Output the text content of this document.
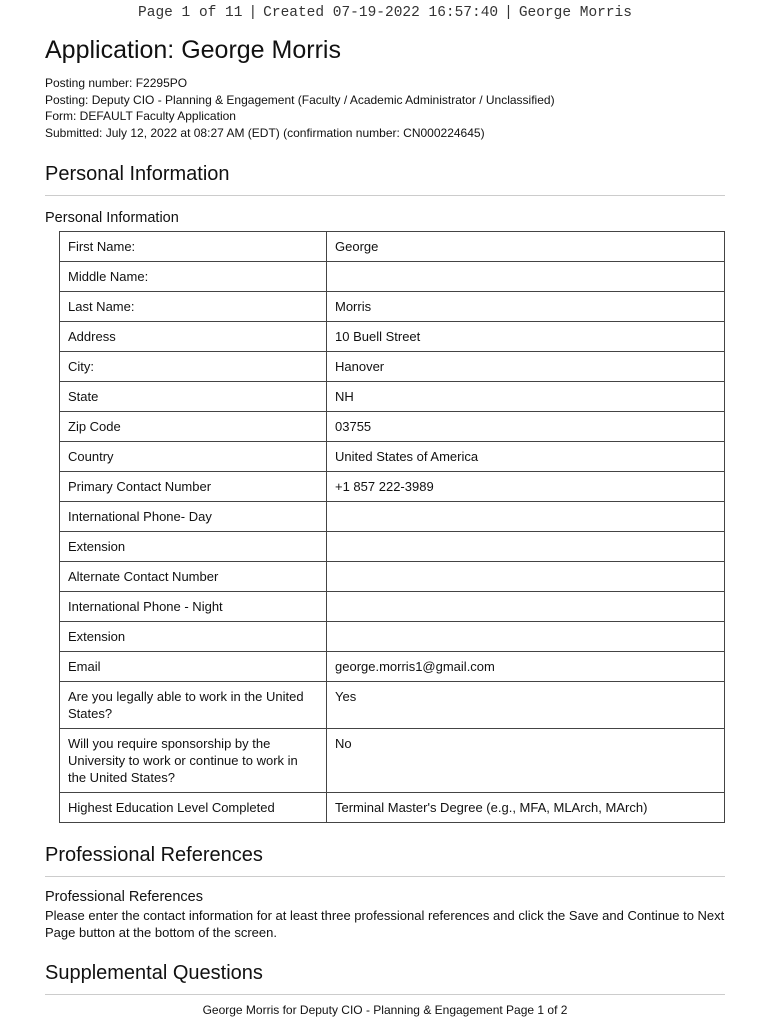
Page 1 of 11 | Created 07-19-2022 16:57:40 | George Morris
Application: George Morris
Posting number: F2295PO
Posting: Deputy CIO - Planning & Engagement (Faculty / Academic Administrator / Unclassified)
Form: DEFAULT Faculty Application
Submitted: July 12, 2022 at 08:27 AM (EDT) (confirmation number: CN000224645)
Personal Information
Personal Information
First Name:	George
Middle Name:	
Last Name:	Morris
Address	10 Buell Street
City:	Hanover
State	NH
Zip Code	03755
Country	United States of America
Primary Contact Number	+1 857 222-3989
International Phone- Day	
Extension	
Alternate Contact Number	
International Phone - Night	
Extension	
Email	george.morris1@gmail.com
Are you legally able to work in the United States?	Yes
Will you require sponsorship by the University to work or continue to work in the United States?	No
Highest Education Level Completed	Terminal Master's Degree (e.g., MFA, MLArch, MArch)
Professional References
Professional References
Please enter the contact information for at least three professional references and click the Save and Continue to Next Page button at the bottom of the screen.
Supplemental Questions
George Morris for Deputy CIO - Planning & Engagement Page 1 of 2
